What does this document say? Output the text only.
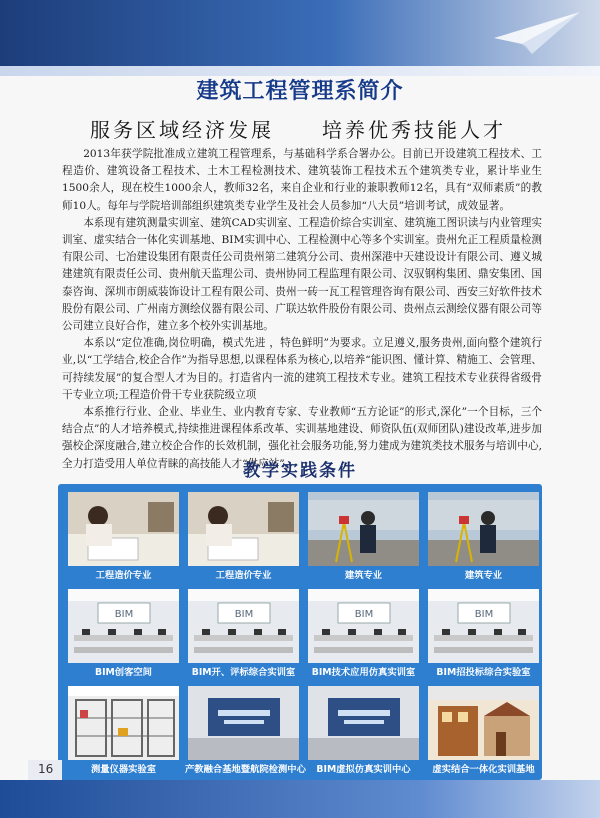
建筑工程管理系简介
服务区域经济发展 培养优秀技能人才

2013年获学院批准成立建筑工程管理系，与基础科学系合署办公。目前已开设建筑工程技术、工程造价、建筑设备工程技术、土木工程检测技术、建筑装饰工程技术五个建筑类专业，累计毕业生1500余人，现在校生1000余人，教师32名，来自企业和行业的兼职教师12名，具有“双师素质”的教师10人。每年与学院培训部组织建筑类专业学生及社会人员参加“八大员”培训考试，成效显著。

本系现有建筑测量实训室、建筑CAD实训室、工程造价综合实训室、建筑施工图识读与内业管理实训室、虚实结合一体化实训基地、BIM实训中心、工程检测中心等多个实训室。贵州允正工程质量检测有限公司、七冶建设集团有限责任公司贵州第二建筑分公司、贵州深港中天建设设计有限公司、遵义城建建筑有限责任公司、贵州航天监理公司、贵州协同工程监理有限公司、汉驭钢构集团、鼎安集团、国泰咨询、深圳市朗威装饰设计工程有限公司、贵州一砖一瓦工程管理咨询有限公司、西安三好软件技术股份有限公司、广州南方测绘仪器有限公司、广联达软件股份有限公司、贵州点云测绘仪器有限公司等公司建立良好合作，建立多个校外实训基地。

本系以“定位准确,岗位明确，模式先进 ，特色鲜明”为要求。立足遵义,服务贵州,面向整个建筑行业,以“工学结合,校企合作”为指导思想,以课程体系为核心,以培养“能识图、懂计算、精施工、会管理、可持续发展”的复合型人才为目的。打造省内一流的建筑工程技术专业。建筑工程技术专业获得省级骨干专业立项;工程造价骨干专业获院级立项

本系推行行业、企业、毕业生、业内教育专家、专业教师“五方论证”的形式,深化”一个目标，三个结合点”的人才培养模式,持续推进课程体系改革、实训基地建设、师资队伍(双师团队)建设改革,进步加强校企深度融合,建立校企合作的长效机制，强化社会服务功能,努力建成为建筑类技术服务与培训中心,全力打造受用人单位青睐的高技能人才“供应站”。

教学实践条件
工程造价专业	工程造价专业	建筑专业	建筑专业
BIM
BIM创客空间
BIM
BIM开、评标综合实训室
BIM
BIM技术应用仿真实训室
BIM
BIM招投标综合实验室
测量仪器实验室	产教融合基地暨航院检测中心	BIM虚拟仿真实训中心	虚实结合一体化实训基地
16
